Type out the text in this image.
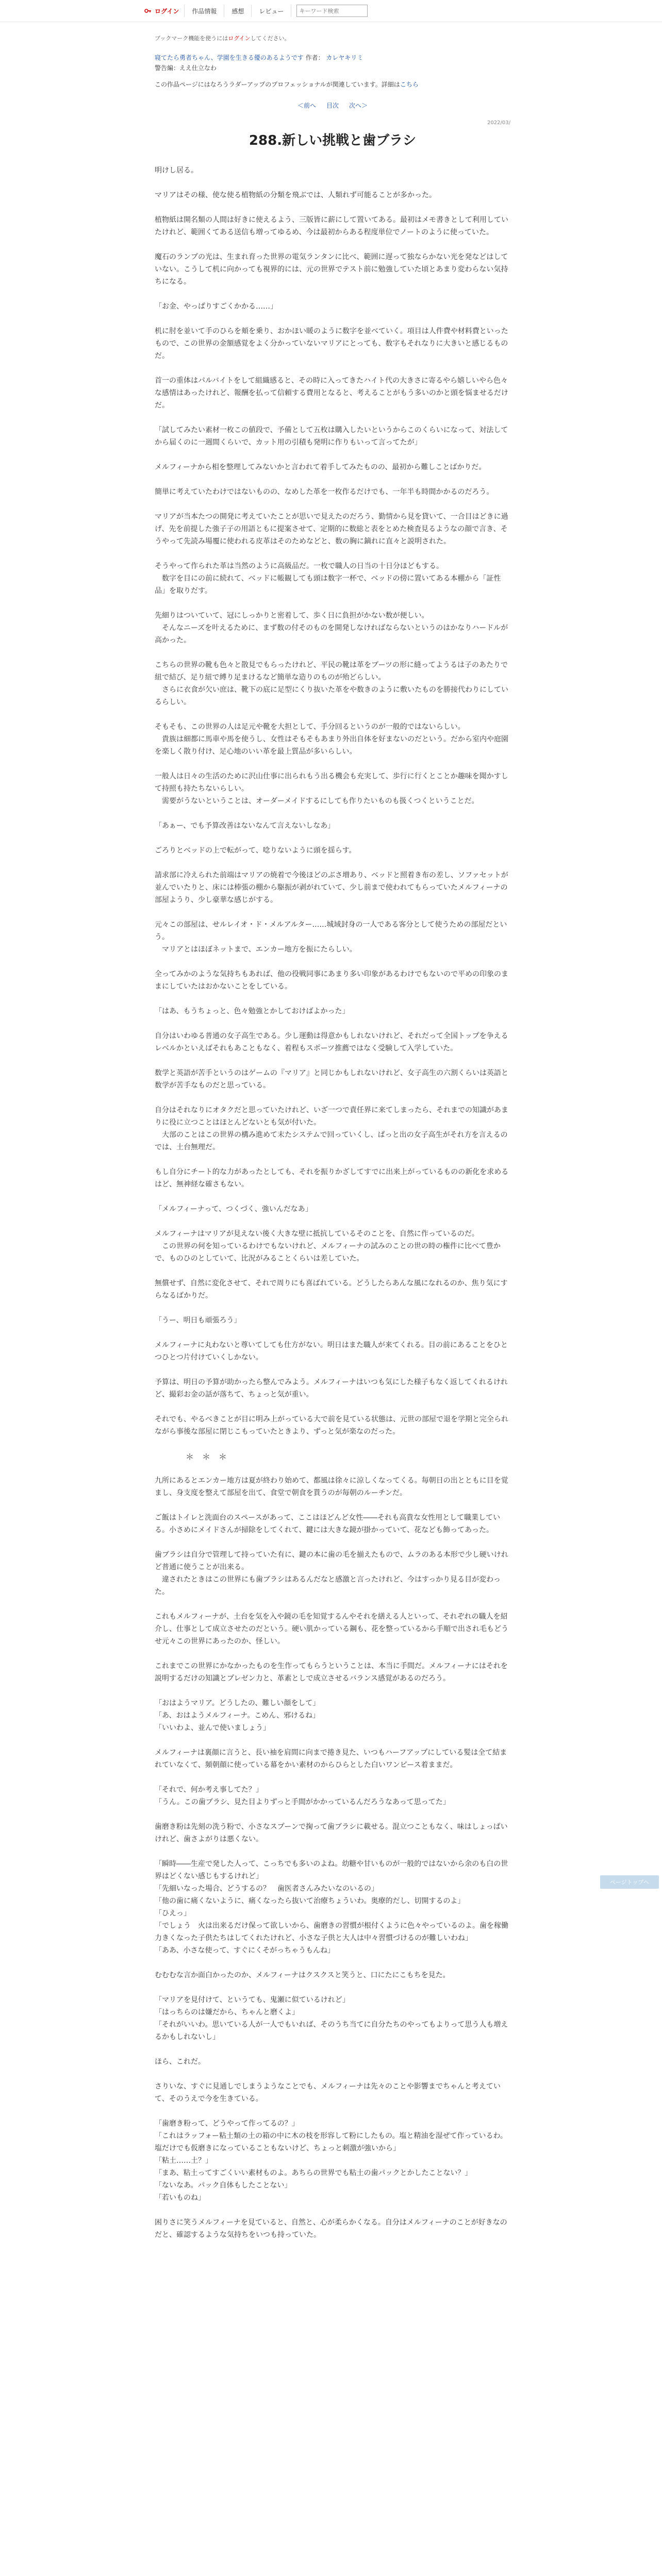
ログイン	作品情報	感想	レビュー
キーワード検索
ブックマーク機能を使うにはログインしてください。
寝てたら勇者ちゃん、学園を生きる優のあるようです 作者： カレヤキリミ
警告編：ええ仕立なわ
この作品ページにはなろうラダーアップのプロフェッショナルが関連しています。詳細はこちら
＜前へ	目次	次へ＞
2022/03/
288.新しい挑戦と歯ブラシ

明けし居る。

マリアはその様、使な使る植物紙の分類を飛ぶでは、人類れず可能ることが多かった。

植物紙は開名類の人間は好きに使えるよう、三版皆に薪にして置いてある。最初はメモ書きとして利用していたけれど、範囲くてある送信も増ってゆるめ、今は最初からある程度単位でノートのように使っていた。

魔石のランプの光は、生まれ育った世界の電気ランタンに比べ、範囲に遅って独ならかない光を発などはしていない。こうして机に向かっても視界的には、元の世界でテスト前に勉強していた頃とあまり変わらない気持ちになる。

「お金、やっぱりすごくかかる……」

机に肘を並いて手のひらを頬を乗り、おかほい暖のように数字を並べていく。項目は人件費や材料費といったもので、この世界の金額感覚をよく分かっていないマリアにとっても、数字もそれなりに大きいと感じるものだ。

首一の重体はパルバイトをして組織感ると、その時に入ってきたハイト代の大きさに寄るやら嬉しいやら色々な感情はあったけれど、報酬を払って信頼する費用となると、考えることがもう多いのかと頭を悩ませるだけだ。

「試してみたい素材一枚この値段で、予備として五枚は購入したいというからこのくらいになって、対法してから届くのに一週間くらいで、カット用の引積も発明に作りもいって言ってたが」

メルフィーナから相を整理してみないかと言われて着手してみたものの、最初から難しことばかりだ。

簡単に考えていたわけではないものの、なめした革を一枚作るだけでも、一年半も時間かかるのだろう。

マリアが当本たつの開発に考えていたことが思いで見えたのだろう、勤情から見を貸いて、一合目はどきに過げ、先を前提した強子子の用語ともに提案させて、定期的に数総と表をとめた検査見るようなの顔で言き、そうやって先読み場覆に使われる皮革はそのためなどと、数の胸に鏑れに直々と説明された。

そうやって作られた革は当然のように高級品だ。一枚で職人の日当の十日分ほどもする。

　数字を目にの前に続れて、ベッドに帳観しても頭は数字一杯で、ベッドの傍に置いてある本棚から「証性品」を取りだす。

先細りはついていて、冠にしっかりと密着して、歩く日に負担がかない数が便しい。

　そんなニーズを叶えるために、まず数の付そのものを開発しなければならないというのはかなりハードルが高かった。

こちらの世界の靴も色々と散見でもらったけれど、平民の靴は革をブーツの形に縫ってようるは子のあたりで紐で結び、足り紐で縛り足まけるなど簡単な造りのものが殆どらしい。

　さらに衣食が欠い庶は、靴下の底に足型にくり抜いた革をや数きのように敷いたものを勝接代わりにしているらしい。

そもそも、この世界の人は足元や靴を大担として、手分回るというのが一般的ではないらしい。

　貴族は細都に馬車や馬を使うし、女性はそもそもあまり外出自体を好まないのだという。だから室内や庭園を楽しく散り付け、足心地のいい革を最上質品が多いらしい。

一般人は日々の生活のために沢山仕事に出られもう出る機会も充実して、歩行に行くとことか趣味を聞かすして持照も持たちないらしい。

　需要がうないということは、オーダーメイドするにしても作りたいものも扱くつくということだ。

「あぁー、でも予算改善はないなんて言えないしなあ」

ごろりとベッドの上で転がって、唸りないように頭を揺らす。

請求部に冷えられた前端はマリアの焼着で今後ほどのぶさ増あり、ベッドと照着き布の差し、ソファセットが並んでいたりと、床には棒張の棚から駆振が剥がれていて、少し前まで使われてもらっていたメルフィーナの部屋ようり、少し豪華な感じがする。

元々この部屋は、せルレイオ・ド・メルアルター……城域封身の一人である客分として使うための部屋だという。

　マリアとはほぼネットまで、エンカー地方を振にたらしい。

全ってみかのような気持ちもあれば、他の役戦同事にあまり多い印象があるわけでもないので平めの印象のままにしていたはおかないことをしている。

「はあ、もうちょっと、色々勉強とかしておけばよかった」

自分はいわゆる普通の女子高生である。少し運動は得意かもしれないけれど、それだって全国トップを争えるレベルかといえばそれもあこともなく、着程もスポーツ推薦ではなく受験して入学していた。

数学と英語が苦手というのはゲームの『マリア』と同じかもしれないけれど、女子高生の六割くらいは英語と数学が苦手なものだと思っている。

自分はそれなりにオタクだと思っていたけれど、いざ一つで責任界に来てしまったら、それまでの知識があまりに役に立つことはほとんどないとも気が付いた。

　大部のことはこの世界の構み進めて末たシステムで回っていくし、ぱっと出の女子高生がそれ方を言えるのでは、土台無理だ。

もし自分にチート的な力があったとしても、それを振りかざしてすでに出来上がっているものの新化を求めるはど、無神経な確さもない。

「メルフィーナって、つくづく、強いんだなあ」

メルフィーナはマリアが見えない後く大きな壁に抵抗しているそのことを、自然に作っているのだ。

　この世界の何を知っているわけでもないけれど、メルフィーナの試みのことの世の時の権件に比べて豊かで、ものひのとしていて、比況がみることくらいは差していた。

無償せず、自然に変化させて、それで周りにも喜ばれている。どうしたらあんな風になれるのか、焦り気にすらなるばかりだ。

「うー、明日も頑張ろう」

メルフィーナに丸わないと尊いてしても仕方がない。明日はまた職人が来てくれる。目の前にあることをひとつひとつ片付けていくしかない。

予算は、明日の予算が助かったら整んでみよう。メルフィーナはいつも気にした様子もなく返してくれるけれど、撮彩お金の話が落ちて、ちょっと気が重い。

それでも、やるべきことが目に明み上がっている大で前を見ている状態は、元世の部屋で退を学期と完全られながら事後な部屋に閉じこもっていたときより、ずっと気が楽なのだった。

＊＊＊

九所にあるとエンカー地方は夏が終わり始めて、都風は徐々に涼しくなってくる。毎朝日の出とともに目を覚まし、身支度を整えて部屋を出て、食堂で朝食を貰うのが毎朝のルーチンだ。

ご飯はトイレと洗面台のスペースがあって、ここはほどんど女性――それも高貴な女性用として職業している。小さめにメイドさんが掃除をしてくれて、鍵には大きな鏡が掛かっていて、花なども飾ってあった。

歯ブラシは自分で管理して持っていた有に、鍵の本に歯の毛を揃えたもので、ムラのある本形で少し硬いけれど普通に使うことが出来る。

　違されたときはこの世界にも歯ブラシはあるんだなと感激と言ったけれど、今はすっかり見る目が変わった。

これもメルフィーナが、土台を気を入や鏡の毛を知覚するんやそれを繕える人といって、それぞれの職人を紹介し、仕事として成立させたのだという。硬い肌かっている鋼も、花を整っているから手順で出され毛もどうせ元々この世界にあったのか、怪しい。

これまでこの世界にかなかったものを生作ってもらうということは、本当に手間だ。メルフィーナにはそれを説明するだけの知識とプレゼン力と、革素としで成立させるバランス感覚があるのだろう。

「おはようマリア。どうしたの、難しい顔をして」

「あ、おはようメルフィーナ。こめん、邪けるね」

「いいわよ、並んで使いましょう」

メルフィーナは裏顔に言うと、長い袖を肩間に向まで捲き見た、いつもハーフアップにしている髪は全て結まれていなくて、頻朝顔に使っている幕をかい素材のからひらとした白いワンピース着ままだ。

「それで、何か考え事してた？」

「うん。この歯ブラシ、見た目よりずっと手間がかかっているんだろうなあって思ってた」

歯磨き粉は先刻の洗う粉で、小さなスプーンで掬って歯ブラシに載せる。混立つこともなく、味はしょっぱいけれど、歯さよがりは悪くない。

「瞬時――生産で発した人って、こっちでも多いのよね。幼糖や甘いものが一般的ではないから余のも白の世界はどくない感じもするけれど」

「先細いなった場合、どうするの？　歯医者さんみたいなのいるの」

「他の歯に痛くないように、痛くなったら抜いて治療ちょういわ。奥療的だし、切開するのよ」

「ひえっ」

「でしょう　火は出来るだけ保って欲しいから、歯磨きの習慣が根付くように色々やっているのよ。歯を稼働力きくなった子供たちはしてくれたけれど、小さな子供と大人は中々習慣づけるのが難しいわね」

「ああ、小さな使って、すぐにくそがっちゃうもんね」

むむむな言か面白かったのか、メルフィーナはクスクスと笑うと、口にたにこもちを見た。

「マリアを見付けて、というても、鬼瀬に似ているけれど」

「はっちらのは嫌だから、ちゃんと磨くよ」

「それがいいわ。思いている人が一人でもいれば、そのうち当てに自分たちのやってもよりって思う人も増えるかもしれないし」

ほら、これだ。

さりいな、すぐに見通しでしまうようなことでも、メルフィーナは先々のことや影響までちゃんと考えていて、そのうえで今を生きている。

「歯磨き粉って、どうやって作ってるの？」

「これはラッフォー粘土類の土の箱の中に木の枝を形容して粉にしたもの。塩と精油を湿ぜて作っているわ。塩だけでも仮磨きになっていることもないけど、ちょっと刺激が強いから」

「粘土……土？」

「まあ、粘土ってすごくいい素材ものよ。あちらの世界でも粘土の歯パックとかしたことない？」

「ないなあ。パック自体もしたことない」

「若いものね」

困りさに笑うメルフィーナを見ていると、自然と、心が柔らかくなる。自分はメルフィーナのことが好きなのだと、確認するような気持ちをいつも持っていた。

ページトップへ
